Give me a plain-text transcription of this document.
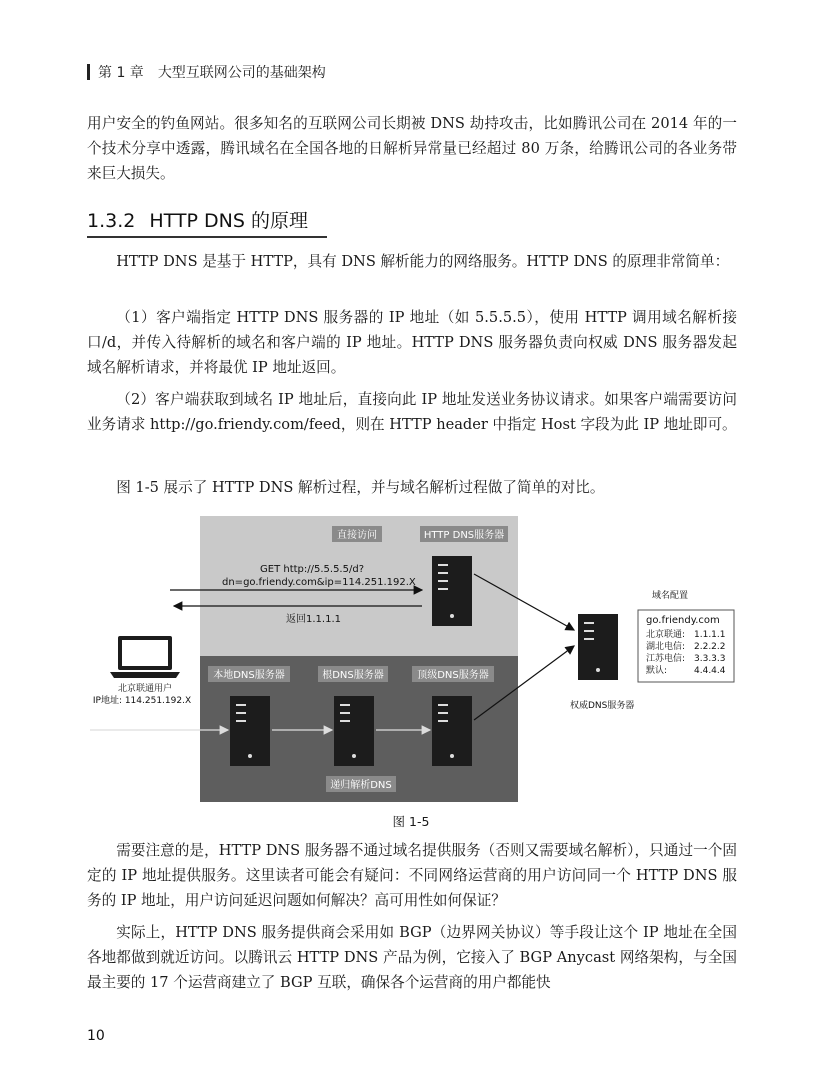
第 1 章 大型互联网公司的基础架构

用户安全的钓鱼网站。很多知名的互联网公司长期被 DNS 劫持攻击，比如腾讯公司在 2014 年的一个技术分享中透露，腾讯域名在全国各地的日解析异常量已经超过 80 万条，给腾讯公司的各业务带来巨大损失。

1.3.2 HTTP DNS 的原理

HTTP DNS 是基于 HTTP，具有 DNS 解析能力的网络服务。HTTP DNS 的原理非常简单：

（1）客户端指定 HTTP DNS 服务器的 IP 地址（如 5.5.5.5），使用 HTTP 调用域名解析接口/d，并传入待解析的域名和客户端的 IP 地址。HTTP DNS 服务器负责向权威 DNS 服务器发起域名解析请求，并将最优 IP 地址返回。

（2）客户端获取到域名 IP 地址后，直接向此 IP 地址发送业务协议请求。如果客户端需要访问业务请求 http://go.friendy.com/feed，则在 HTTP header 中指定 Host 字段为此 IP 地址即可。

图 1-5 展示了 HTTP DNS 解析过程，并与域名解析过程做了简单的对比。

直接访问	HTTP DNS服务器
GET http://5.5.5.5/d?
dn=go.friendy.com&ip=114.251.192.X
返回1.1.1.1
本地DNS服务器	根DNS服务器	顶级DNS服务器
递归解析DNS
北京联通用户
IP地址: 114.251.192.X
域名配置
go.friendy.com
北京联通: 1.1.1.1
湖北电信: 2.2.2.2
江苏电信: 3.3.3.3
默认:	4.4.4.4
权威DNS服务器
图 1-5

需要注意的是，HTTP DNS 服务器不通过域名提供服务（否则又需要域名解析），只通过一个固定的 IP 地址提供服务。这里读者可能会有疑问：不同网络运营商的用户访问同一个 HTTP DNS 服务的 IP 地址，用户访问延迟问题如何解决？高可用性如何保证？

实际上，HTTP DNS 服务提供商会采用如 BGP（边界网关协议）等手段让这个 IP 地址在全国各地都做到就近访问。以腾讯云 HTTP DNS 产品为例，它接入了 BGP Anycast 网络架构，与全国最主要的 17 个运营商建立了 BGP 互联，确保各个运营商的用户都能快

10
